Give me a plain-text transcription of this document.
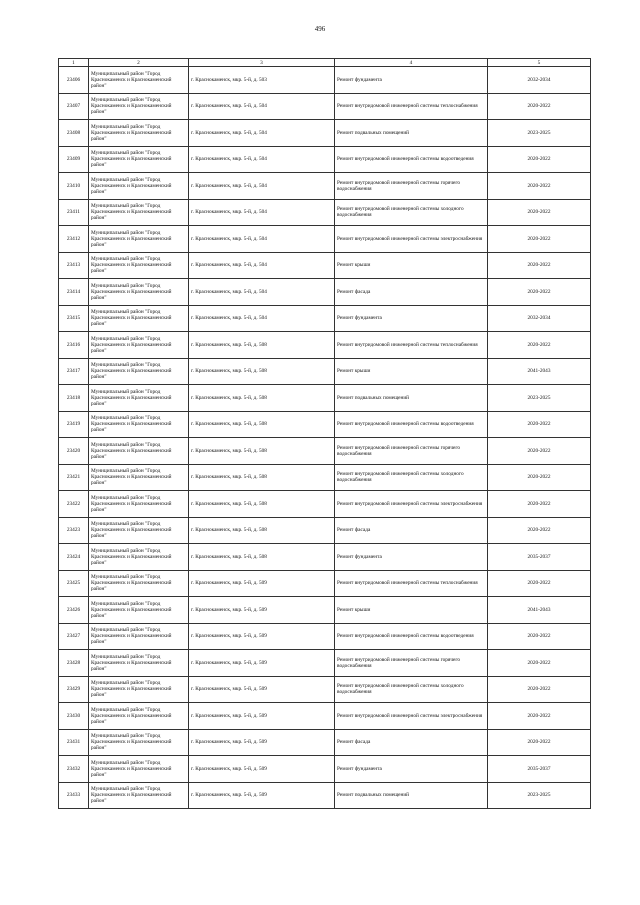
496
1	2	3	4	5
23406	Муниципальный район "Город Краснокаменск и Краснокаменский район"	г. Краснокаменск, мкр. 5-й, д. 503	Ремонт фундамента	2032-2034
23407	Муниципальный район "Город Краснокаменск и Краснокаменский район"	г. Краснокаменск, мкр. 5-й, д. 504	Ремонт внутридомовой инженерной системы теплоснабжения	2020-2022
23408	Муниципальный район "Город Краснокаменск и Краснокаменский район"	г. Краснокаменск, мкр. 5-й, д. 504	Ремонт подвальных помещений	2023-2025
23409	Муниципальный район "Город Краснокаменск и Краснокаменский район"	г. Краснокаменск, мкр. 5-й, д. 504	Ремонт внутридомовой инженерной системы водоотведения	2020-2022
23410	Муниципальный район "Город Краснокаменск и Краснокаменский район"	г. Краснокаменск, мкр. 5-й, д. 504	Ремонт внутридомовой инженерной системы горячего водоснабжения	2020-2022
23411	Муниципальный район "Город Краснокаменск и Краснокаменский район"	г. Краснокаменск, мкр. 5-й, д. 504	Ремонт внутридомовой инженерной системы холодного водоснабжения	2020-2022
23412	Муниципальный район "Город Краснокаменск и Краснокаменский район"	г. Краснокаменск, мкр. 5-й, д. 504	Ремонт внутридомовой инженерной системы электроснабжения	2020-2022
23413	Муниципальный район "Город Краснокаменск и Краснокаменский район"	г. Краснокаменск, мкр. 5-й, д. 504	Ремонт крыши	2020-2022
23414	Муниципальный район "Город Краснокаменск и Краснокаменский район"	г. Краснокаменск, мкр. 5-й, д. 504	Ремонт фасада	2020-2022
23415	Муниципальный район "Город Краснокаменск и Краснокаменский район"	г. Краснокаменск, мкр. 5-й, д. 504	Ремонт фундамента	2032-2034
23416	Муниципальный район "Город Краснокаменск и Краснокаменский район"	г. Краснокаменск, мкр. 5-й, д. 508	Ремонт внутридомовой инженерной системы теплоснабжения	2020-2022
23417	Муниципальный район "Город Краснокаменск и Краснокаменский район"	г. Краснокаменск, мкр. 5-й, д. 508	Ремонт крыши	2041-2043
23418	Муниципальный район "Город Краснокаменск и Краснокаменский район"	г. Краснокаменск, мкр. 5-й, д. 508	Ремонт подвальных помещений	2023-2025
23419	Муниципальный район "Город Краснокаменск и Краснокаменский район"	г. Краснокаменск, мкр. 5-й, д. 508	Ремонт внутридомовой инженерной системы водоотведения	2020-2022
23420	Муниципальный район "Город Краснокаменск и Краснокаменский район"	г. Краснокаменск, мкр. 5-й, д. 508	Ремонт внутридомовой инженерной системы горячего водоснабжения	2020-2022
23421	Муниципальный район "Город Краснокаменск и Краснокаменский район"	г. Краснокаменск, мкр. 5-й, д. 508	Ремонт внутридомовой инженерной системы холодного водоснабжения	2020-2022
23422	Муниципальный район "Город Краснокаменск и Краснокаменский район"	г. Краснокаменск, мкр. 5-й, д. 508	Ремонт внутридомовой инженерной системы электроснабжения	2020-2022
23423	Муниципальный район "Город Краснокаменск и Краснокаменский район"	г. Краснокаменск, мкр. 5-й, д. 508	Ремонт фасада	2020-2022
23424	Муниципальный район "Город Краснокаменск и Краснокаменский район"	г. Краснокаменск, мкр. 5-й, д. 508	Ремонт фундамента	2035-2037
23425	Муниципальный район "Город Краснокаменск и Краснокаменский район"	г. Краснокаменск, мкр. 5-й, д. 509	Ремонт внутридомовой инженерной системы теплоснабжения	2020-2022
23426	Муниципальный район "Город Краснокаменск и Краснокаменский район"	г. Краснокаменск, мкр. 5-й, д. 509	Ремонт крыши	2041-2043
23427	Муниципальный район "Город Краснокаменск и Краснокаменский район"	г. Краснокаменск, мкр. 5-й, д. 509	Ремонт внутридомовой инженерной системы водоотведения	2020-2022
23428	Муниципальный район "Город Краснокаменск и Краснокаменский район"	г. Краснокаменск, мкр. 5-й, д. 509	Ремонт внутридомовой инженерной системы горячего водоснабжения	2020-2022
23429	Муниципальный район "Город Краснокаменск и Краснокаменский район"	г. Краснокаменск, мкр. 5-й, д. 509	Ремонт внутридомовой инженерной системы холодного водоснабжения	2020-2022
23430	Муниципальный район "Город Краснокаменск и Краснокаменский район"	г. Краснокаменск, мкр. 5-й, д. 509	Ремонт внутридомовой инженерной системы электроснабжения	2020-2022
23431	Муниципальный район "Город Краснокаменск и Краснокаменский район"	г. Краснокаменск, мкр. 5-й, д. 509	Ремонт фасада	2020-2022
23432	Муниципальный район "Город Краснокаменск и Краснокаменский район"	г. Краснокаменск, мкр. 5-й, д. 509	Ремонт фундамента	2035-2037
23433	Муниципальный район "Город Краснокаменск и Краснокаменский район"	г. Краснокаменск, мкр. 5-й, д. 509	Ремонт подвальных помещений	2023-2025
